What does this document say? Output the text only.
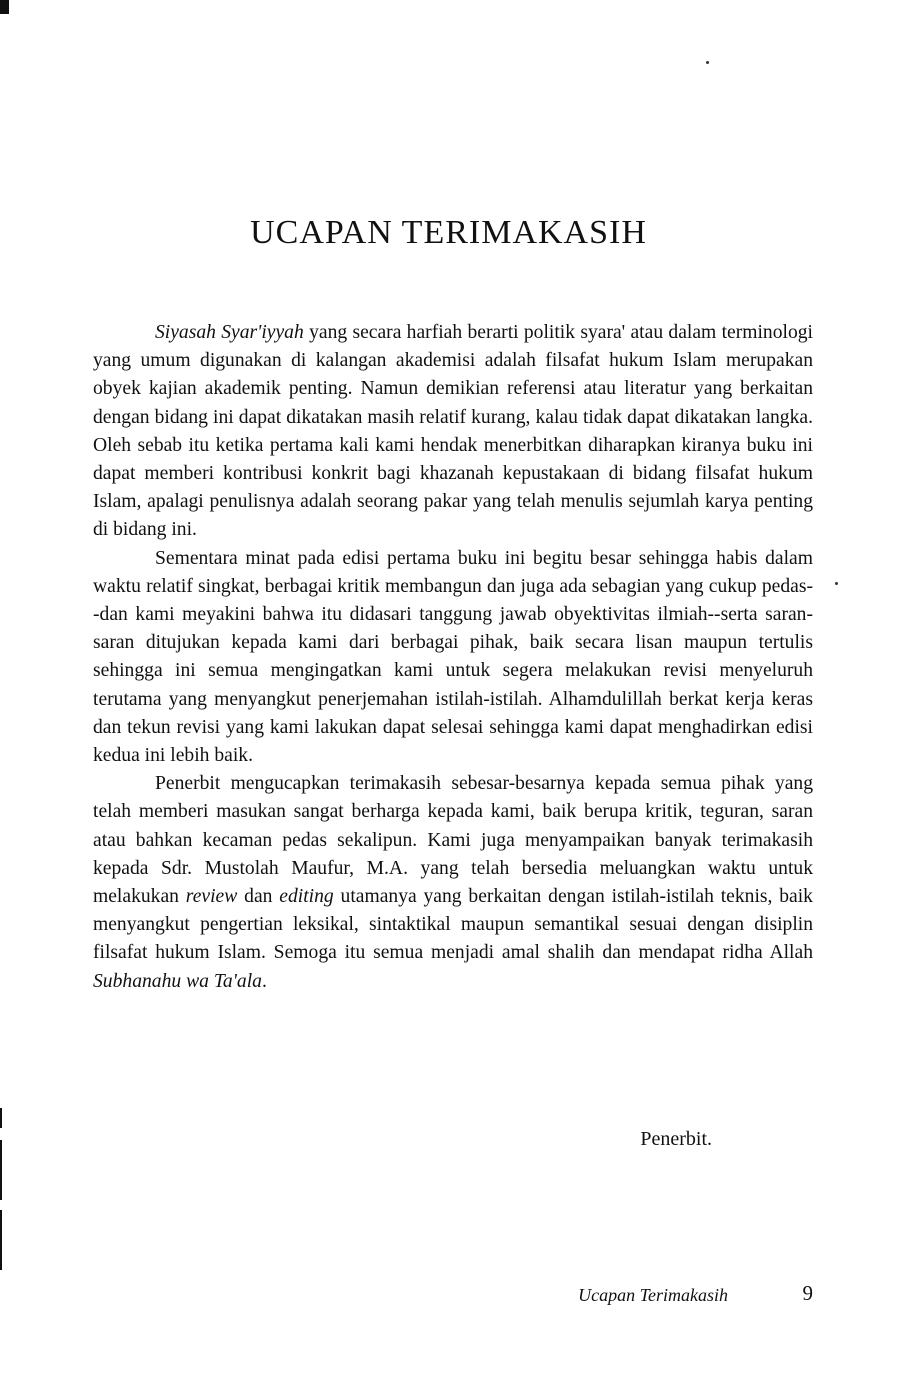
UCAPAN TERIMAKASIH

Siyasah Syar'iyyah yang secara harfiah berarti politik syara' atau dalam terminologi yang umum digunakan di kalangan akademisi adalah filsafat hukum Islam merupakan obyek kajian akademik penting. Namun demikian referensi atau literatur yang berkaitan dengan bidang ini dapat dikatakan masih relatif kurang, kalau tidak dapat dikatakan langka. Oleh sebab itu ketika pertama kali kami hendak menerbitkan diharapkan kiranya buku ini dapat memberi kontribusi konkrit bagi khazanah kepustakaan di bidang filsafat hukum Islam, apalagi penulisnya adalah seorang pakar yang telah menulis sejumlah karya penting di bidang ini.

Sementara minat pada edisi pertama buku ini begitu besar sehingga habis dalam waktu relatif singkat, berbagai kritik membangun dan juga ada sebagian yang cukup pedas--dan kami meyakini bahwa itu didasari tanggung jawab obyektivitas ilmiah--serta saran-saran ditujukan kepada kami dari berbagai pihak, baik secara lisan maupun tertulis sehingga ini semua mengingatkan kami untuk segera melakukan revisi menyeluruh terutama yang menyangkut penerjemahan istilah-istilah. Alhamdulillah berkat kerja keras dan tekun revisi yang kami lakukan dapat selesai sehingga kami dapat menghadirkan edisi kedua ini lebih baik.

Penerbit mengucapkan terimakasih sebesar-besarnya kepada semua pihak yang telah memberi masukan sangat berharga kepada kami, baik berupa kritik, teguran, saran atau bahkan kecaman pedas sekalipun. Kami juga menyampaikan banyak terimakasih kepada Sdr. Mustolah Maufur, M.A. yang telah bersedia meluangkan waktu untuk melakukan review dan editing utamanya yang berkaitan dengan istilah-istilah teknis, baik menyangkut pengertian leksikal, sintaktikal maupun semantikal sesuai dengan disiplin filsafat hukum Islam. Semoga itu semua menjadi amal shalih dan mendapat ridha Allah Subhanahu wa Ta'ala.

Penerbit.
Ucapan Terimakasih	9
